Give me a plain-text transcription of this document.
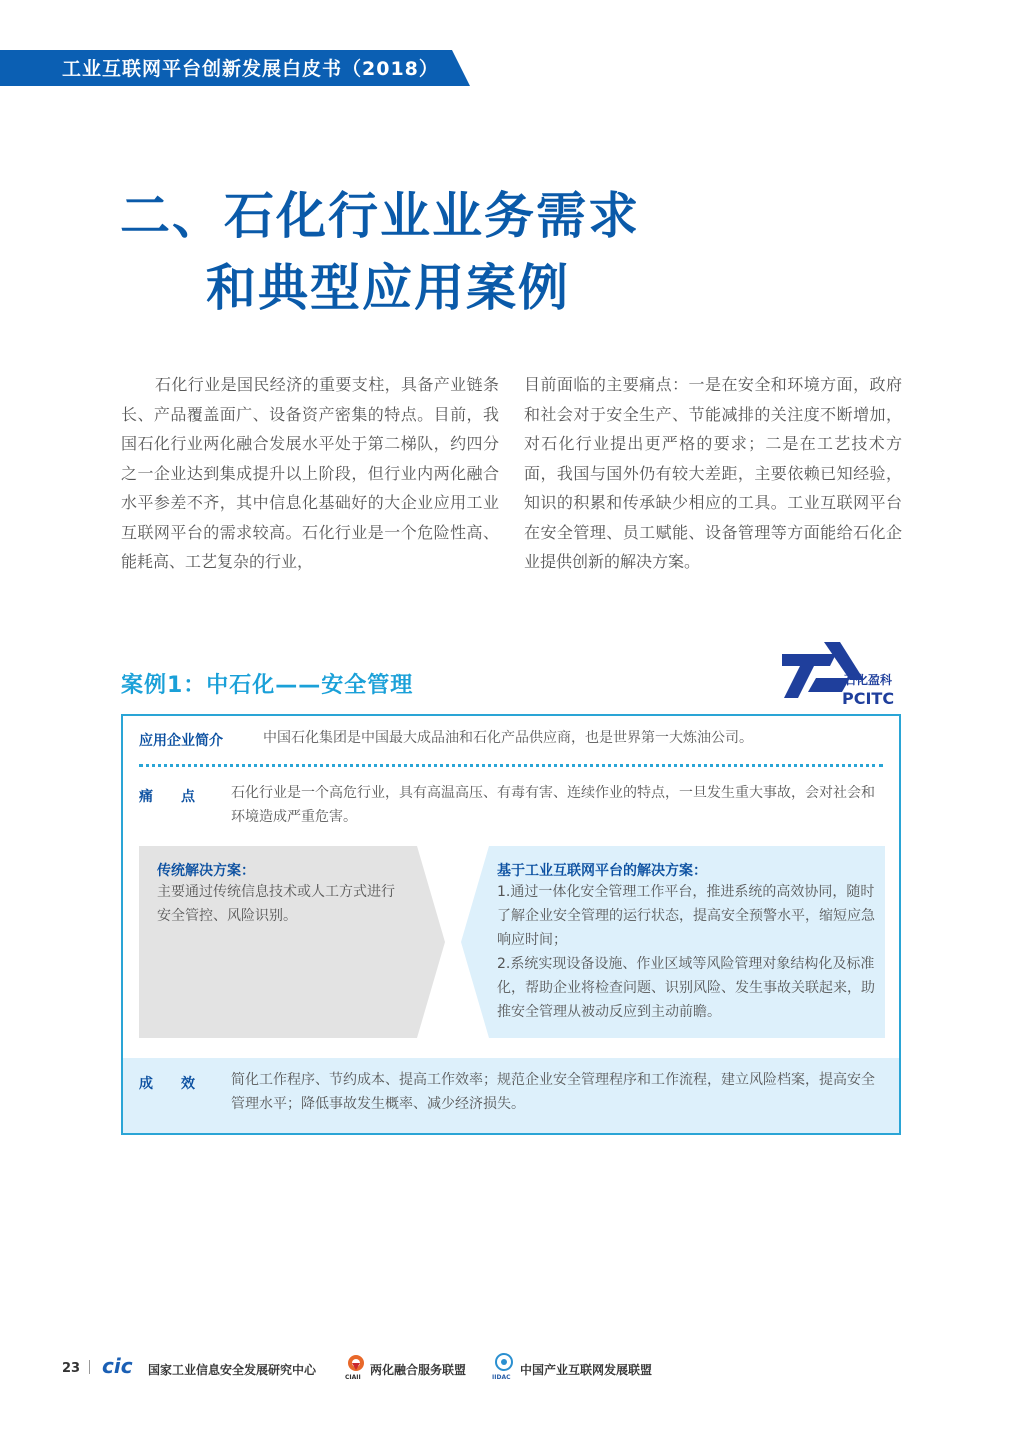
工业互联网平台创新发展白皮书（2018）
二、石化行业业务需求
和典型应用案例
石化行业是国民经济的重要支柱，具备产业链条长、产品覆盖面广、设备资产密集的特点。目前，我国石化行业两化融合发展水平处于第二梯队，约四分之一企业达到集成提升以上阶段，但行业内两化融合水平参差不齐，其中信息化基础好的大企业应用工业互联网平台的需求较高。石化行业是一个危险性高、能耗高、工艺复杂的行业，
目前面临的主要痛点：一是在安全和环境方面，政府和社会对于安全生产、节能减排的关注度不断增加，对石化行业提出更严格的要求；二是在工艺技术方面，我国与国外仍有较大差距，主要依赖已知经验，知识的积累和传承缺少相应的工具。工业互联网平台在安全管理、员工赋能、设备管理等方面能给石化企业提供创新的解决方案。
案例1：中石化——安全管理	石化盈科
PCITC
应用企业简介	中国石化集团是中国最大成品油和石化产品供应商，也是世界第一大炼油公司。
痛　　点	石化行业是一个高危行业，具有高温高压、有毒有害、连续作业的特点，一旦发生重大事故，会对社会和环境造成严重危害。
传统解决方案：
主要通过传统信息技术或人工方式进行安全管控、风险识别。
基于工业互联网平台的解决方案：
1.通过一体化安全管理工作平台，推进系统的高效协同，随时了解企业安全管理的运行状态，提高安全预警水平，缩短应急响应时间；
2.系统实现设备设施、作业区域等风险管理对象结构化及标准化，帮助企业将检查问题、识别风险、发生事故关联起来，助推安全管理从被动反应到主动前瞻。
成　　效	简化工作程序、节约成本、提高工作效率；规范企业安全管理程序和工作流程，建立风险档案，提高安全管理水平；降低事故发生概率、减少经济损失。
23 cic 国家工业信息安全发展研究中心
CIAII
两化融合服务联盟
IIDAC
中国产业互联网发展联盟
